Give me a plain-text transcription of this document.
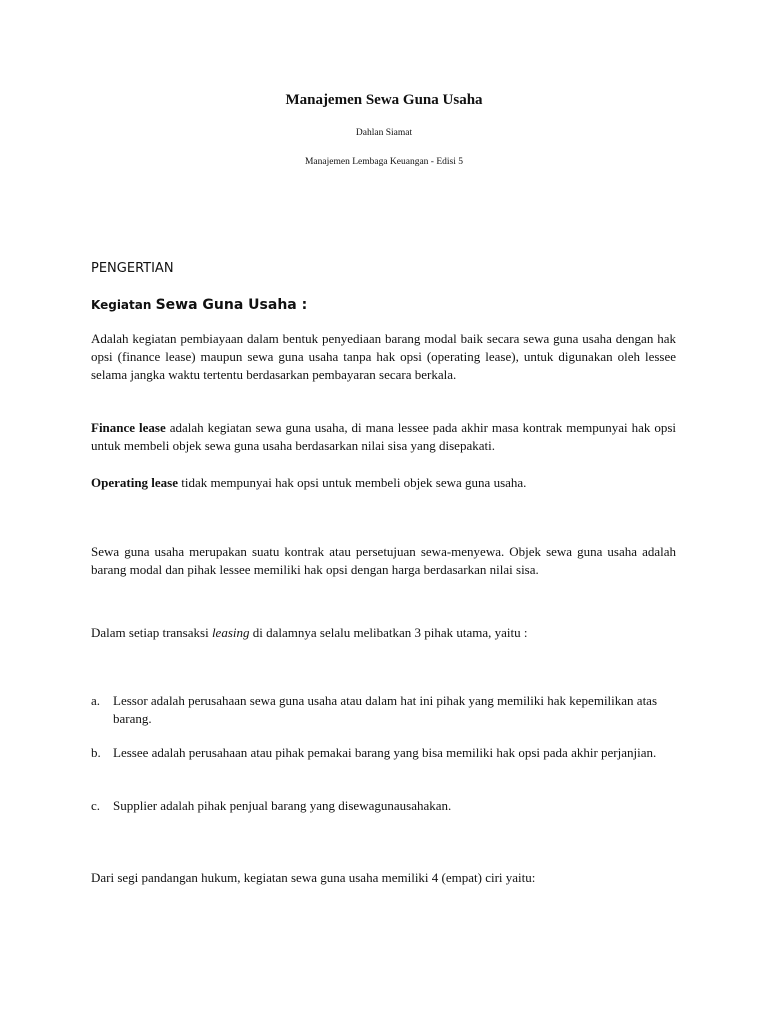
Manajemen Sewa Guna Usaha
Dahlan Siamat
Manajemen Lembaga Keuangan - Edisi 5
PENGERTIAN
Kegiatan Sewa Guna Usaha :
Adalah kegiatan pembiayaan dalam bentuk penyediaan barang modal baik secara sewa guna usaha dengan hak opsi (finance lease) maupun sewa guna usaha tanpa hak opsi (operating lease), untuk digunakan oleh lessee selama jangka waktu tertentu berdasarkan pembayaran secara berkala.
Finance lease adalah kegiatan sewa guna usaha, di mana lessee pada akhir masa kontrak mempunyai hak opsi untuk membeli objek sewa guna usaha berdasarkan nilai sisa yang disepakati.
Operating lease tidak mempunyai hak opsi untuk membeli objek sewa guna usaha.
Sewa guna usaha merupakan suatu kontrak atau persetujuan sewa-menyewa. Objek sewa guna usaha adalah barang modal dan pihak lessee memiliki hak opsi dengan harga berdasarkan nilai sisa.
Dalam setiap transaksi leasing di dalamnya selalu melibatkan 3 pihak utama, yaitu :
a. Lessor adalah perusahaan sewa guna usaha atau dalam hat ini pihak yang memiliki hak kepemilikan atas barang.
b. Lessee adalah perusahaan atau pihak pemakai barang yang bisa memiliki hak opsi pada akhir perjanjian.
c. Supplier adalah pihak penjual barang yang disewagunausahakan.
Dari segi pandangan hukum, kegiatan sewa guna usaha memiliki 4 (empat) ciri yaitu:
